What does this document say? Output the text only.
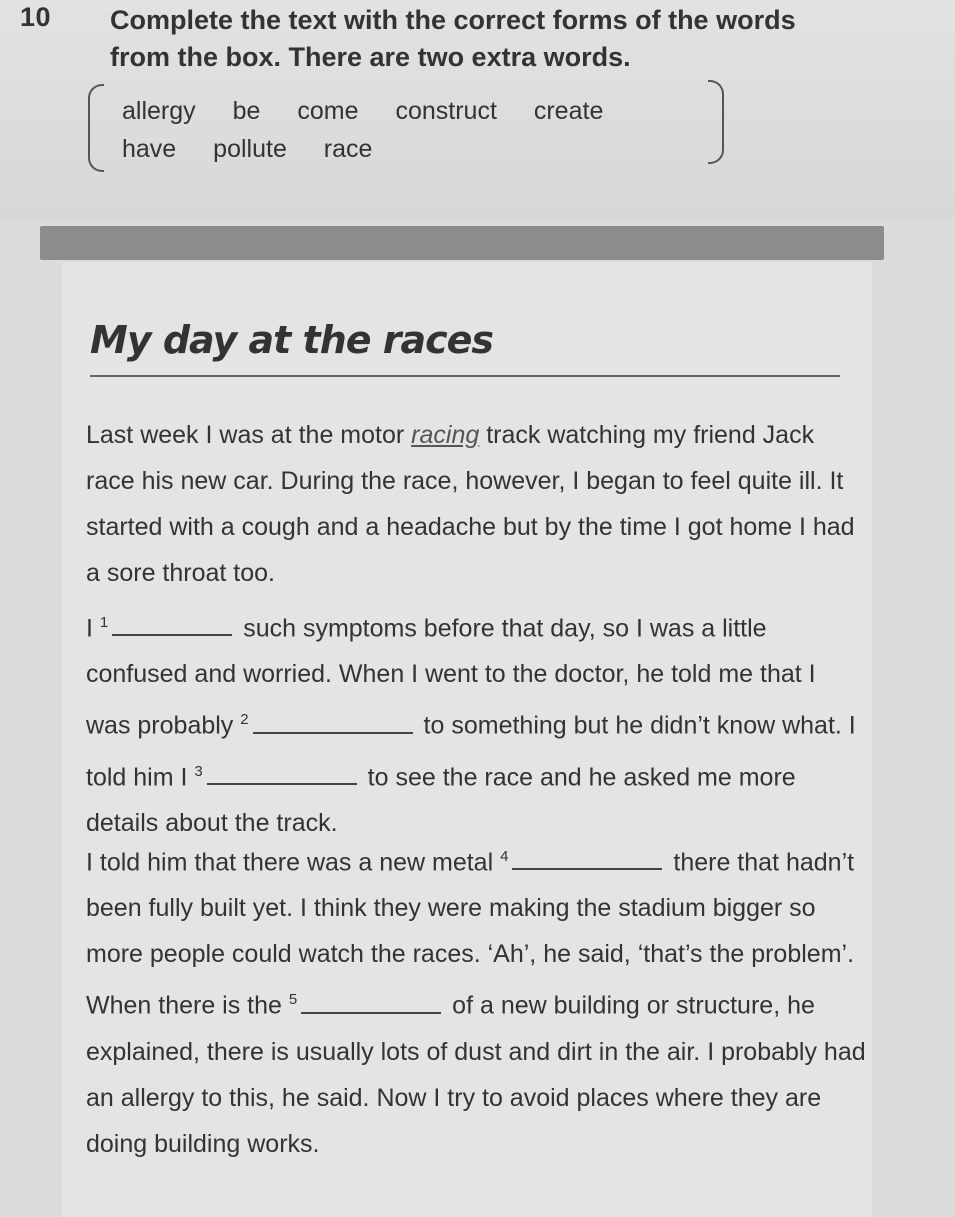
10 Complete the text with the correct forms of the words from the box. There are two extra words.
allergy be come construct create
have pollute race
My day at the races
Last week I was at the motor racing track watching my friend Jack race his new car. During the race, however, I began to feel quite ill. It started with a cough and a headache but by the time I got home I had a sore throat too.
I $^1$	such symptoms before that day, so I was a little confused and worried. When I went to the doctor, he told me that I was probably $^2$	to something but he didn’t know what. I told him I $^3$	to see the race and he asked me more details about the track.
I told him that there was a new metal $^4$	there that hadn’t been fully built yet. I think they were making the stadium bigger so more people could watch the races. ‘Ah’, he said, ‘that’s the problem’. When there is the $^5$	of a new building or structure, he explained, there is usually lots of dust and dirt in the air. I probably had an allergy to this, he said. Now I try to avoid places where they are doing building works.
